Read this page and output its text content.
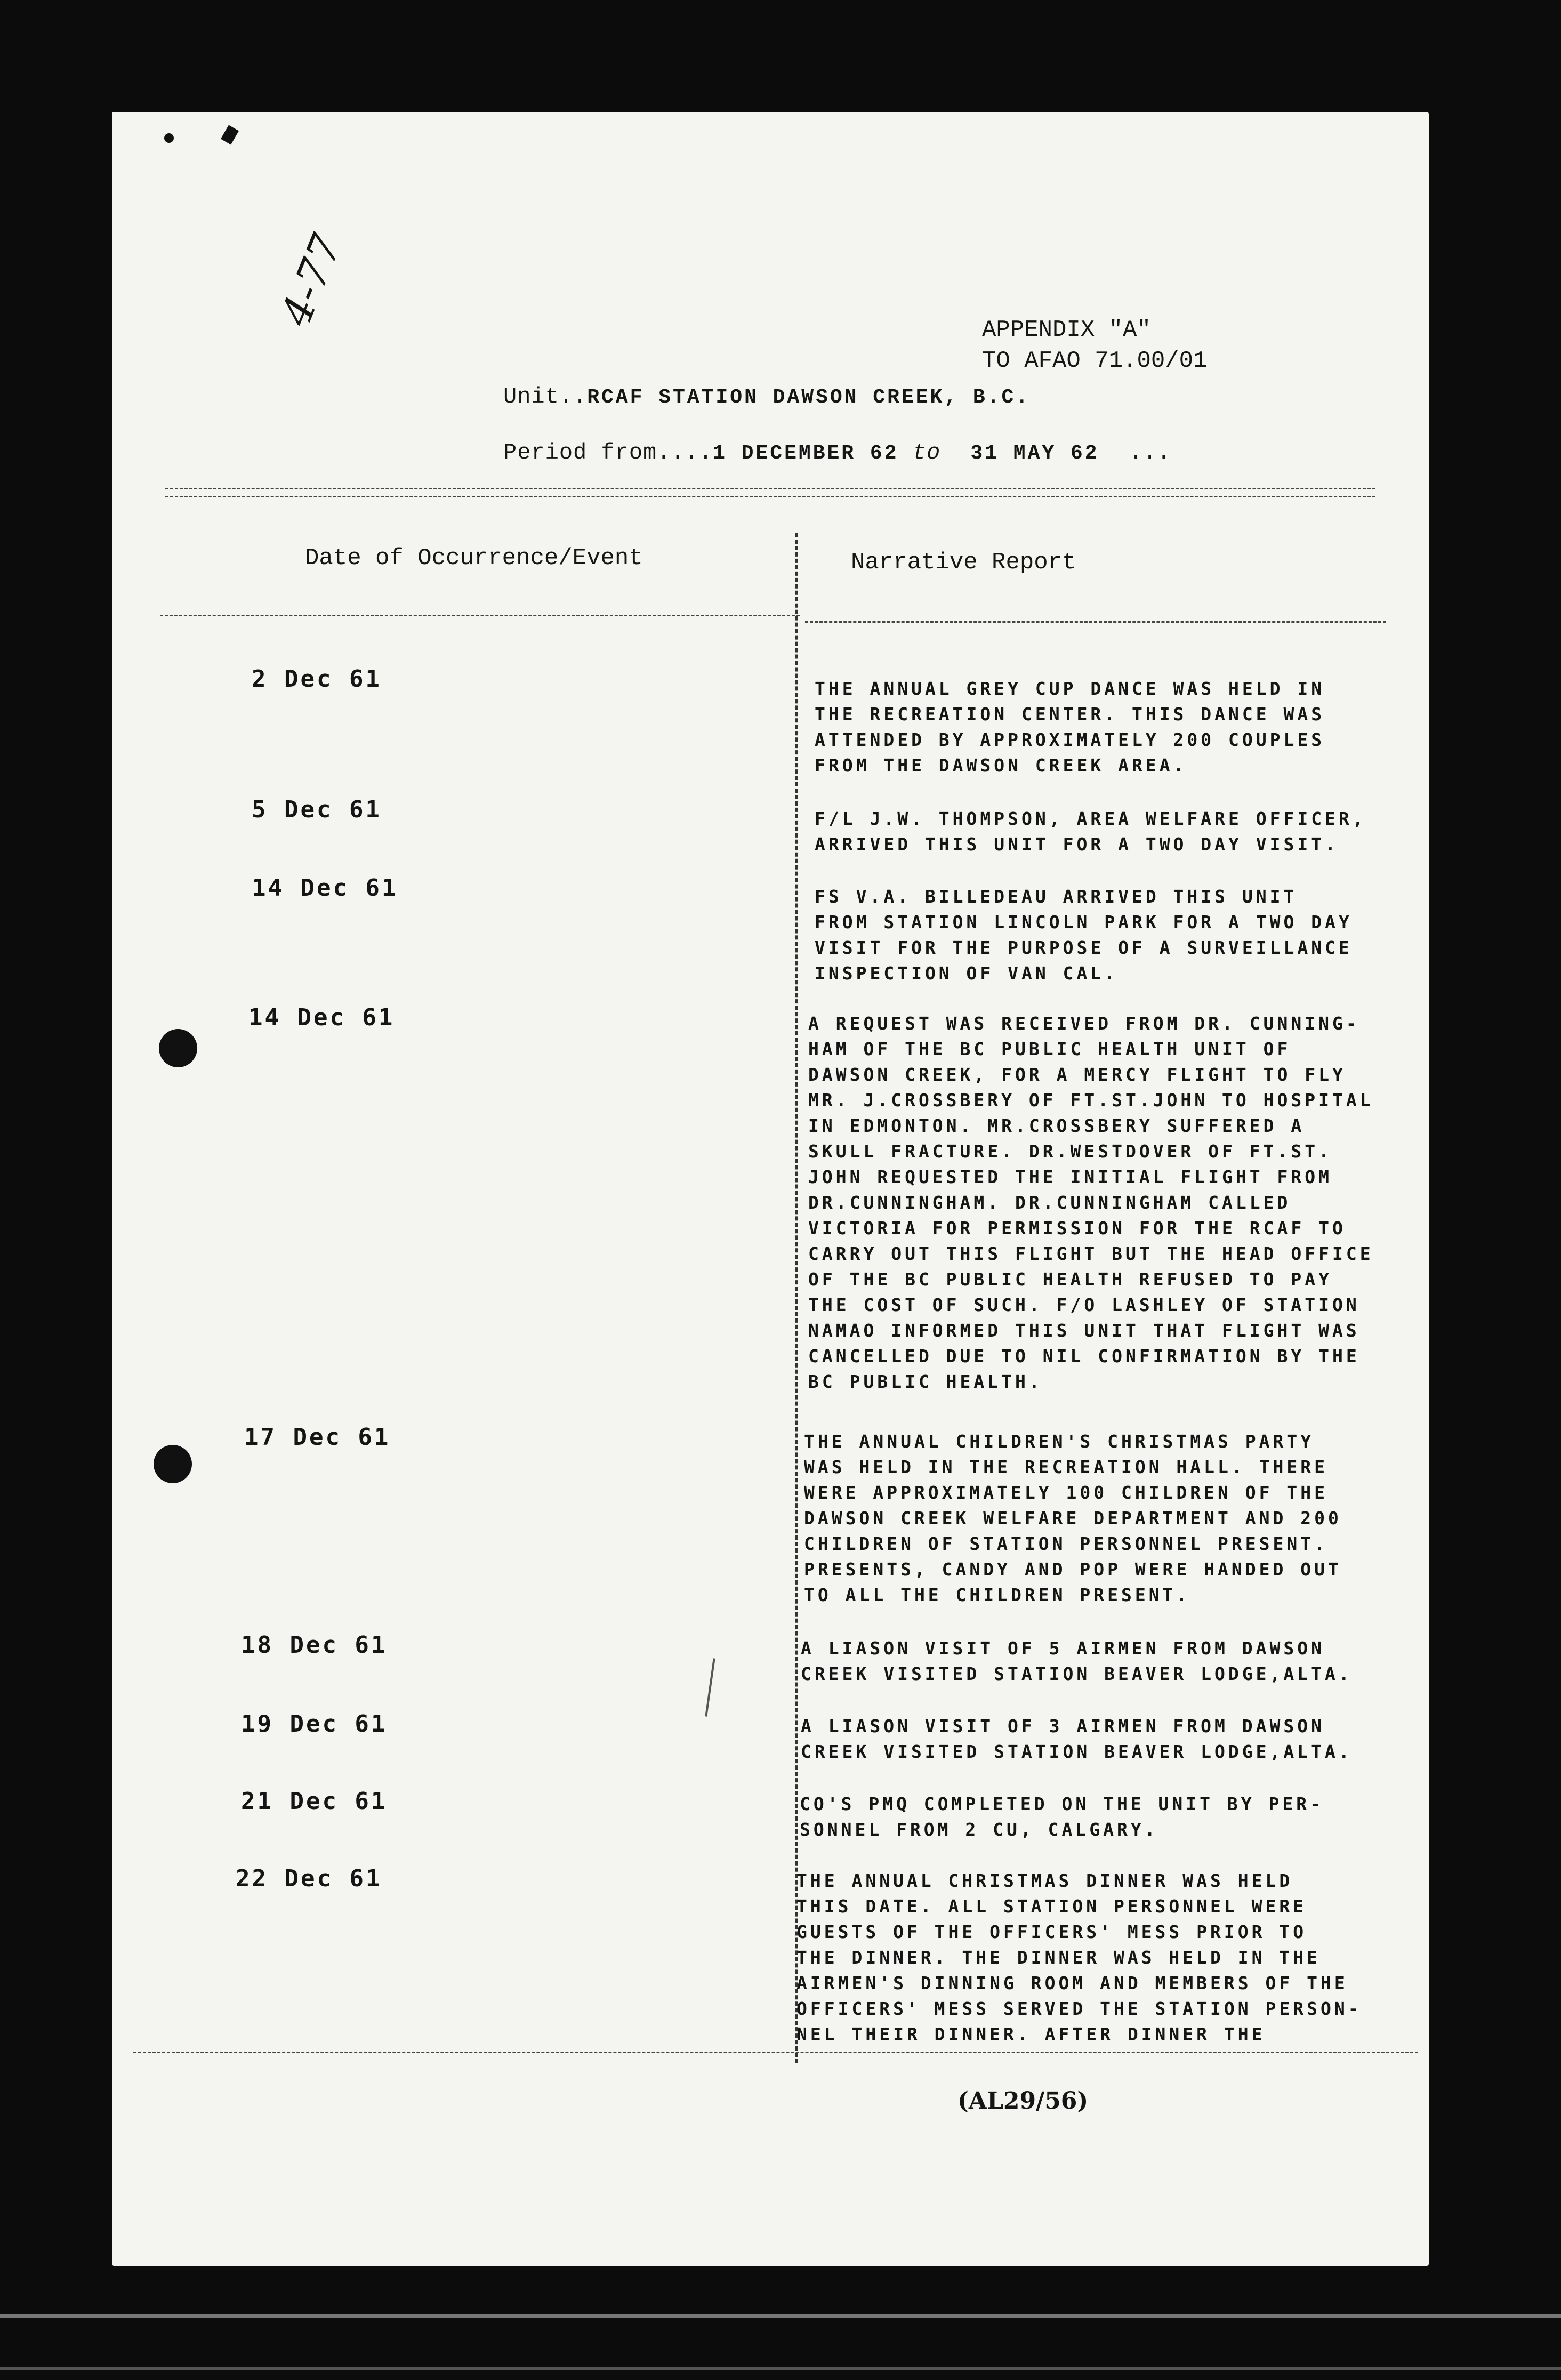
4-77	APPENDIX "A"
TO AFAO 71.00/01
Unit..RCAF STATION DAWSON CREEK, B.C.
Period from....1 DECEMBER 62 to 31 MAY 62 ...
Date of Occurrence/Event	Narrative Report
2 Dec 61	THE ANNUAL GREY CUP DANCE WAS HELD IN

THE RECREATION CENTER. THIS DANCE WAS

ATTENDED BY APPROXIMATELY 200 COUPLES

FROM THE DAWSON CREEK AREA.

5 Dec 61	F/L J.W. THOMPSON, AREA WELFARE OFFICER,

ARRIVED THIS UNIT FOR A TWO DAY VISIT.

14 Dec 61	FS V.A. BILLEDEAU ARRIVED THIS UNIT

FROM STATION LINCOLN PARK FOR A TWO DAY

VISIT FOR THE PURPOSE OF A SURVEILLANCE

INSPECTION OF VAN CAL.

14 Dec 61	A REQUEST WAS RECEIVED FROM DR. CUNNING-

HAM OF THE BC PUBLIC HEALTH UNIT OF

DAWSON CREEK, FOR A MERCY FLIGHT TO FLY

MR. J.CROSSBERY OF FT.ST.JOHN TO HOSPITAL

IN EDMONTON. MR.CROSSBERY SUFFERED A

SKULL FRACTURE. DR.WESTDOVER OF FT.ST.

JOHN REQUESTED THE INITIAL FLIGHT FROM

DR.CUNNINGHAM. DR.CUNNINGHAM CALLED

VICTORIA FOR PERMISSION FOR THE RCAF TO

CARRY OUT THIS FLIGHT BUT THE HEAD OFFICE

OF THE BC PUBLIC HEALTH REFUSED TO PAY

THE COST OF SUCH. F/O LASHLEY OF STATION

NAMAO INFORMED THIS UNIT THAT FLIGHT WAS

CANCELLED DUE TO NIL CONFIRMATION BY THE

BC PUBLIC HEALTH.

17 Dec 61	THE ANNUAL CHILDREN'S CHRISTMAS PARTY

WAS HELD IN THE RECREATION HALL. THERE

WERE APPROXIMATELY 100 CHILDREN OF THE

DAWSON CREEK WELFARE DEPARTMENT AND 200

CHILDREN OF STATION PERSONNEL PRESENT.

PRESENTS, CANDY AND POP WERE HANDED OUT

TO ALL THE CHILDREN PRESENT.

18 Dec 61	A LIASON VISIT OF 5 AIRMEN FROM DAWSON

CREEK VISITED STATION BEAVER LODGE,ALTA.

19 Dec 61	A LIASON VISIT OF 3 AIRMEN FROM DAWSON

CREEK VISITED STATION BEAVER LODGE,ALTA.

21 Dec 61	CO'S PMQ COMPLETED ON THE UNIT BY PER-

SONNEL FROM 2 CU, CALGARY.

22 Dec 61	THE ANNUAL CHRISTMAS DINNER WAS HELD

THIS DATE. ALL STATION PERSONNEL WERE

GUESTS OF THE OFFICERS' MESS PRIOR TO

THE DINNER. THE DINNER WAS HELD IN THE

AIRMEN'S DINNING ROOM AND MEMBERS OF THE

OFFICERS' MESS SERVED THE STATION PERSON-

NEL THEIR DINNER. AFTER DINNER THE

(AL29/56)
